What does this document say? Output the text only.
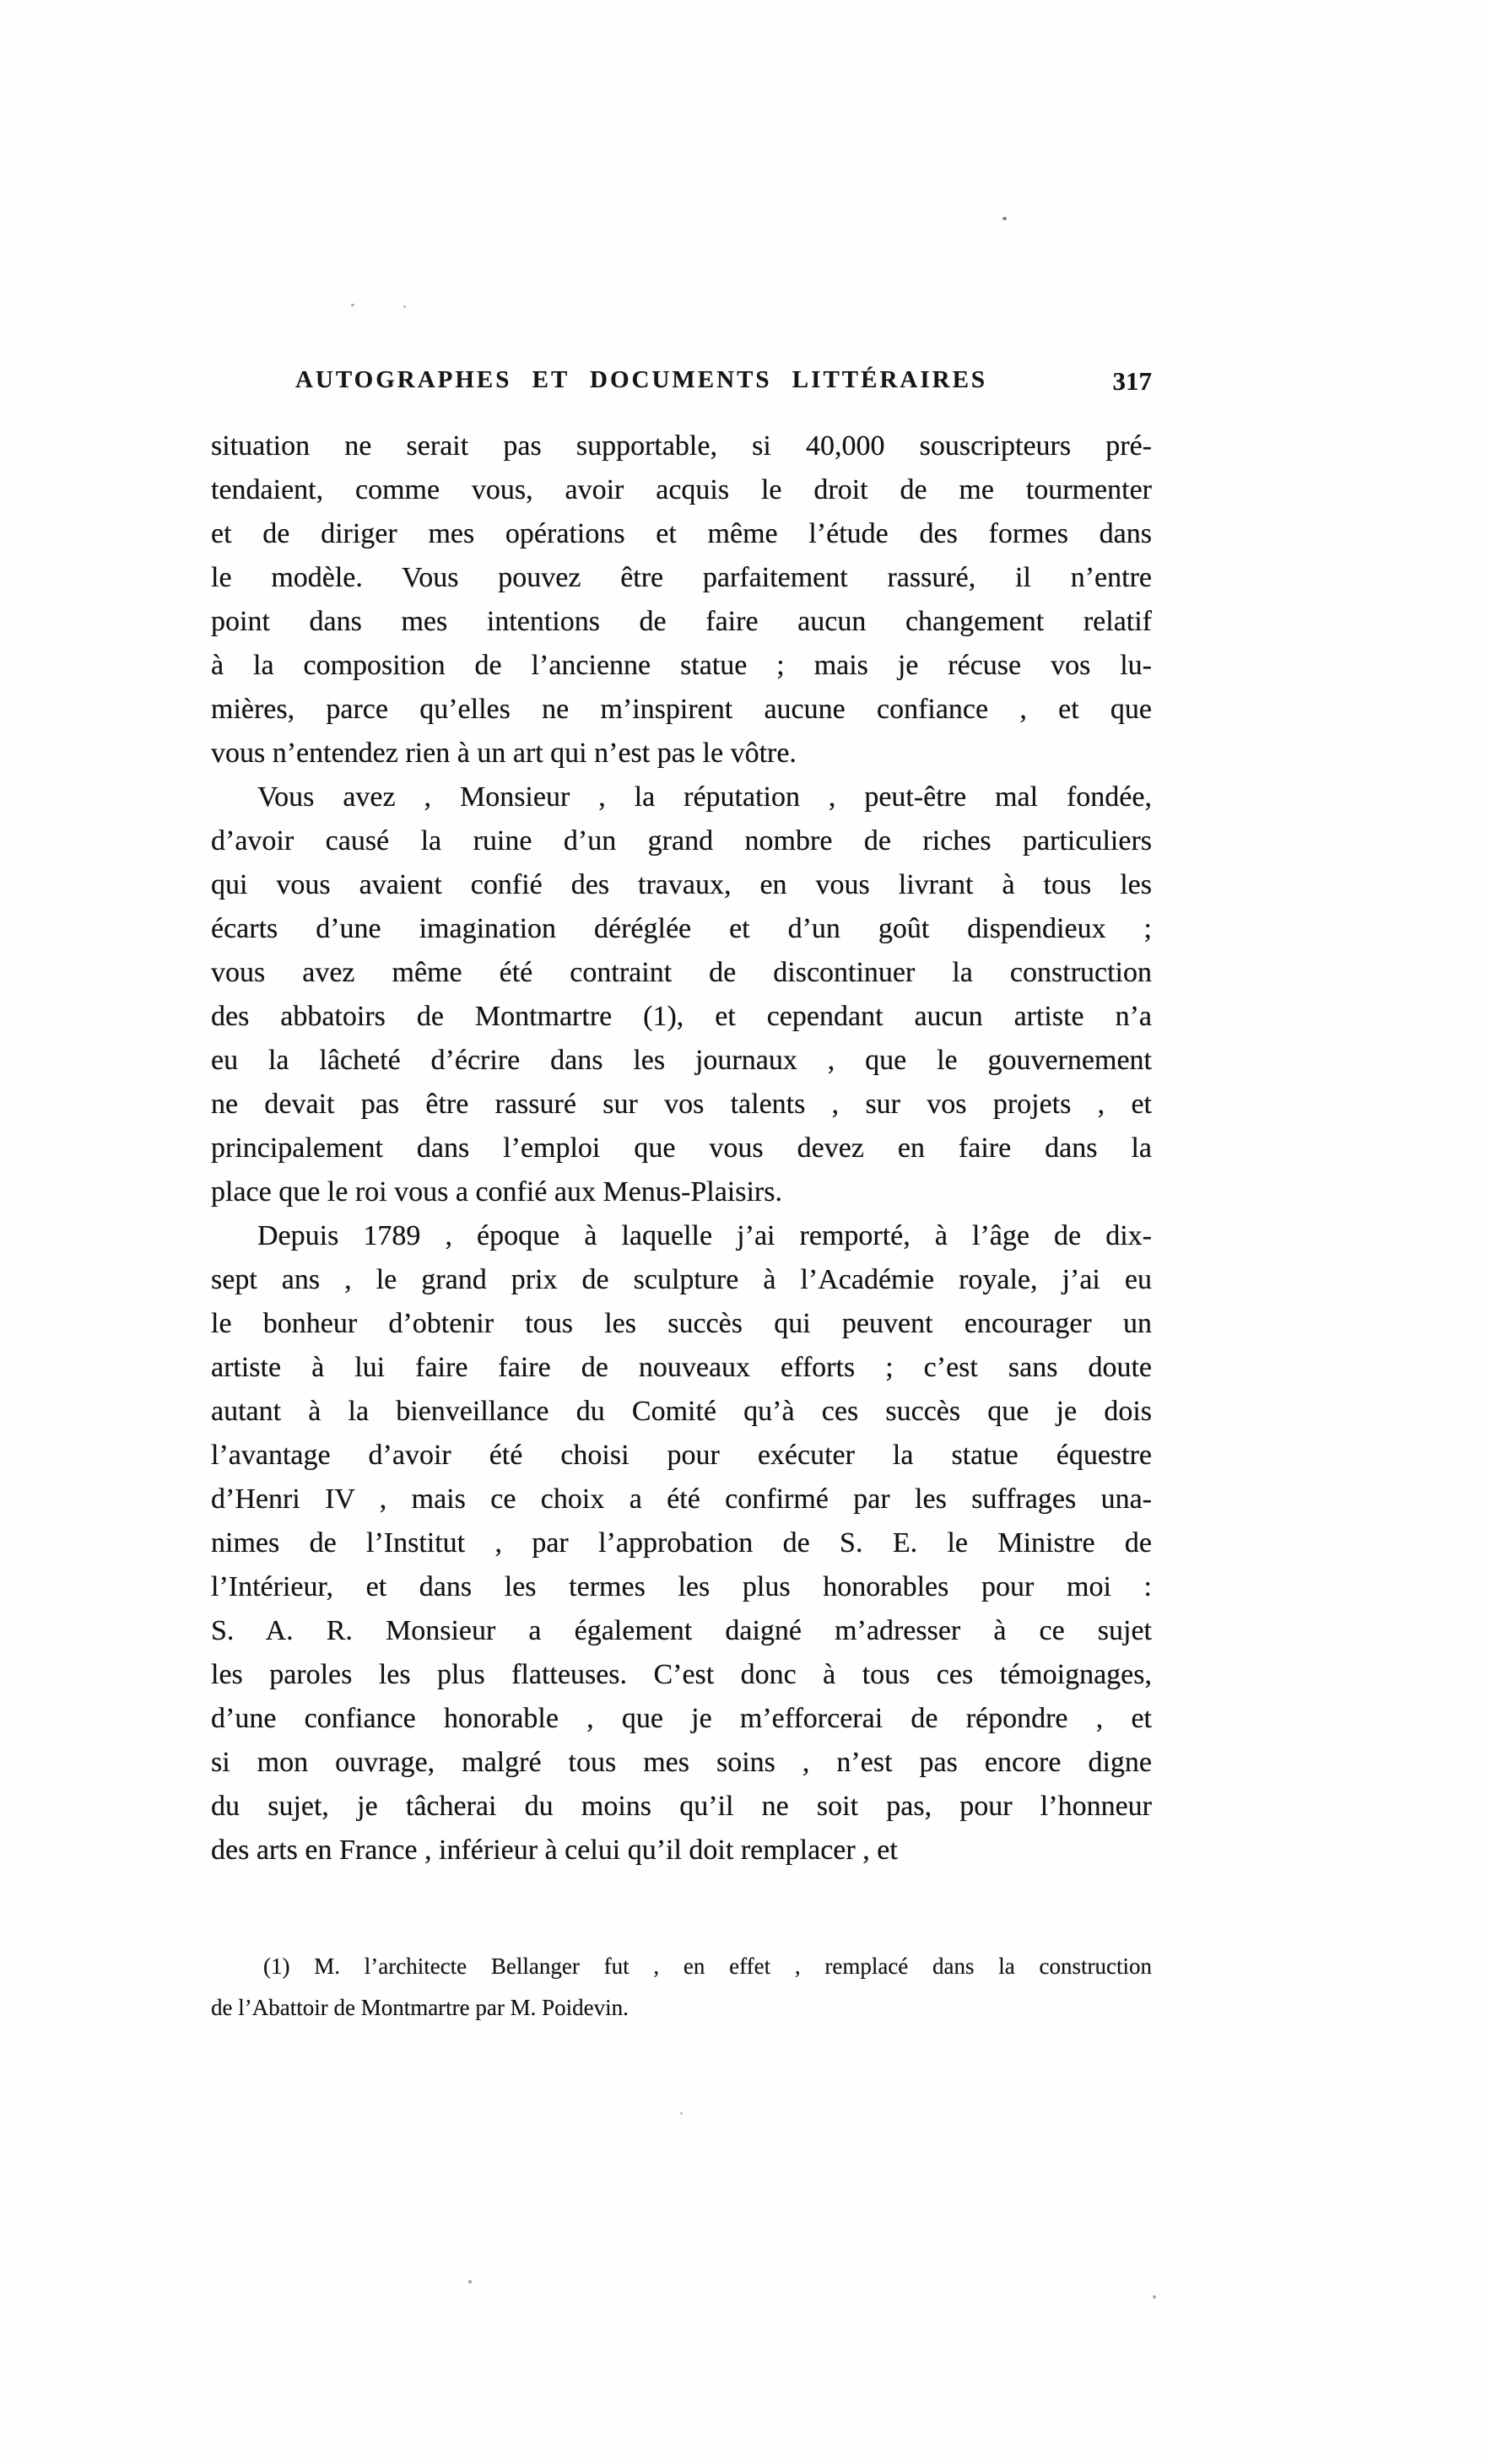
AUTOGRAPHES ET DOCUMENTS LITTÉRAIRES	317
situation ne serait pas supportable, si 40,000 souscripteurs pré-
tendaient, comme vous, avoir acquis le droit de me tourmenter
et de diriger mes opérations et même l’étude des formes dans
le modèle. Vous pouvez être parfaitement rassuré, il n’entre
point dans mes intentions de faire aucun changement relatif
à la composition de l’ancienne statue ; mais je récuse vos lu-
mières, parce qu’elles ne m’inspirent aucune confiance , et que
vous n’entendez rien à un art qui n’est pas le vôtre.
Vous avez , Monsieur , la réputation , peut-être mal fondée,
d’avoir causé la ruine d’un grand nombre de riches particuliers
qui vous avaient confié des travaux, en vous livrant à tous les
écarts d’une imagination déréglée et d’un goût dispendieux ;
vous avez même été contraint de discontinuer la construction
des abbatoirs de Montmartre (1), et cependant aucun artiste n’a
eu la lâcheté d’écrire dans les journaux , que le gouvernement
ne devait pas être rassuré sur vos talents , sur vos projets , et
principalement dans l’emploi que vous devez en faire dans la
place que le roi vous a confié aux Menus-Plaisirs.
Depuis 1789 , époque à laquelle j’ai remporté, à l’âge de dix-
sept ans , le grand prix de sculpture à l’Académie royale, j’ai eu
le bonheur d’obtenir tous les succès qui peuvent encourager un
artiste à lui faire faire de nouveaux efforts ; c’est sans doute
autant à la bienveillance du Comité qu’à ces succès que je dois
l’avantage d’avoir été choisi pour exécuter la statue équestre
d’Henri IV , mais ce choix a été confirmé par les suffrages una-
nimes de l’Institut , par l’approbation de S. E. le Ministre de
l’Intérieur, et dans les termes les plus honorables pour moi :
S. A. R. Monsieur a également daigné m’adresser à ce sujet
les paroles les plus flatteuses. C’est donc à tous ces témoignages,
d’une confiance honorable , que je m’efforcerai de répondre , et
si mon ouvrage, malgré tous mes soins , n’est pas encore digne
du sujet, je tâcherai du moins qu’il ne soit pas, pour l’honneur
des arts en France , inférieur à celui qu’il doit remplacer , et
(1) M. l’architecte Bellanger fut , en effet , remplacé dans la construction
de l’Abattoir de Montmartre par M. Poidevin.
